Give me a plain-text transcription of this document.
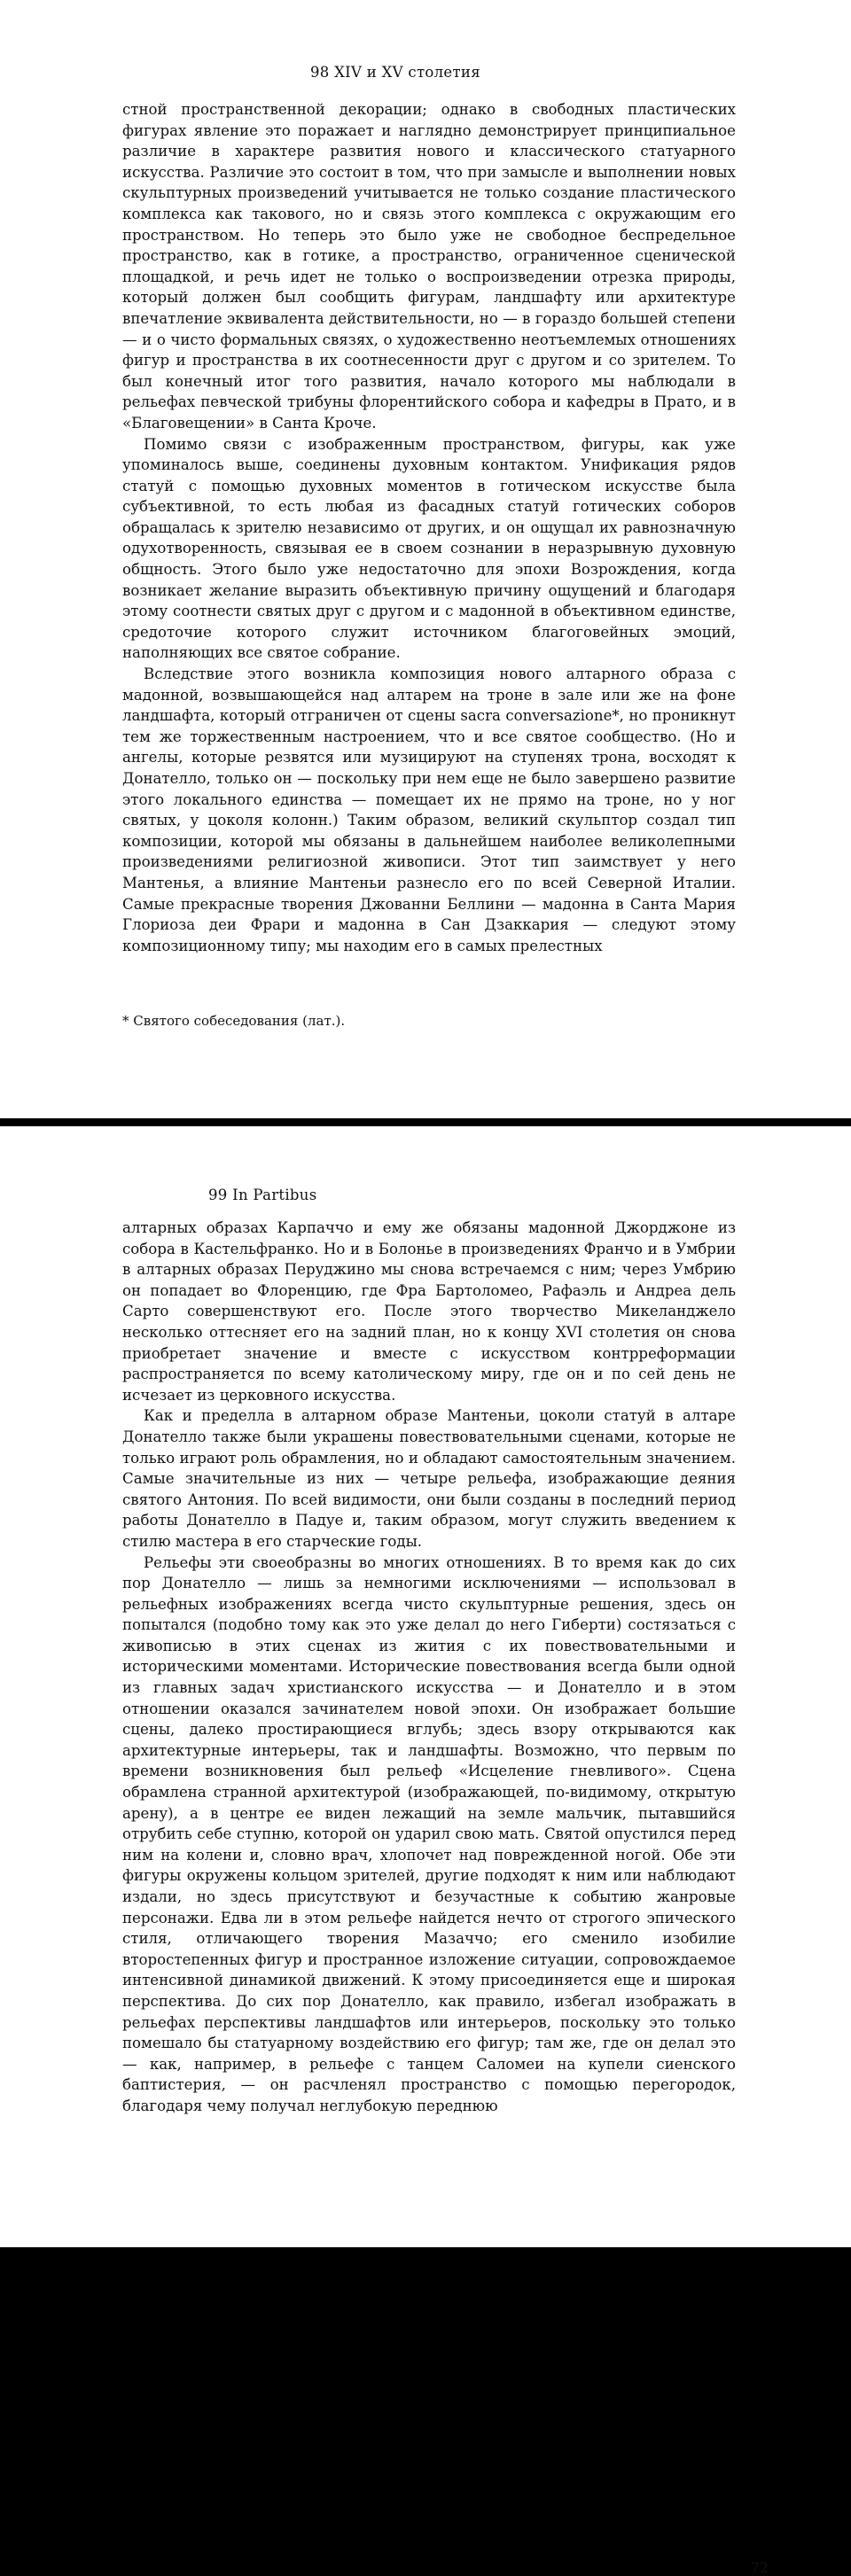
98 XIV и XV столетия

стной пространственной декорации; однако в свободных пластических фигурах явление это поражает и наглядно демонстрирует принципиальное различие в характере развития нового и классического статуарного искусства. Различие это состоит в том, что при замысле и выполнении новых скульптурных произведений учитывается не только создание пластического комплекса как такового, но и связь этого комплекса с окружающим его пространством. Но теперь это было уже не свободное беспредельное пространство, как в готике, а пространство, ограниченное сценической площадкой, и речь идет не только о воспроизведении отрезка природы, который должен был сообщить фигурам, ландшафту или архитектуре впечатление эквивалента действительности, но — в гораздо большей степени — и о чисто формальных связях, о художественно неотъемлемых отношениях фигур и пространства в их соотнесенности друг с другом и со зрителем. То был конечный итог того развития, начало которого мы наблюдали в рельефах певческой трибуны флорентийского собора и кафедры в Прато, и в «Благовещении» в Санта Кроче.

Помимо связи с изображенным пространством, фигуры, как уже упоминалось выше, соединены духовным контактом. Унификация рядов статуй с помощью духовных моментов в готическом искусстве была субъективной, то есть любая из фасадных статуй готических соборов обращалась к зрителю независимо от других, и он ощущал их равнозначную одухотворенность, связывая ее в своем сознании в неразрывную духовную общность. Этого было уже недостаточно для эпохи Возрождения, когда возникает желание выразить объективную причину ощущений и благодаря этому соотнести святых друг с другом и с мадонной в объективном единстве, средоточие которого служит источником благоговейных эмоций, наполняющих все святое собрание.

Вследствие этого возникла композиция нового алтарного образа с мадонной, возвышающейся над алтарем на троне в зале или же на фоне ландшафта, который отграничен от сцены sacra conversazione*, но проникнут тем же торжественным настроением, что и все святое сообщество. (Но и ангелы, которые резвятся или музицируют на ступенях трона, восходят к Донателло, только он — поскольку при нем еще не было завершено развитие этого локального единства — помещает их не прямо на троне, но у ног святых, у цоколя колонн.) Таким образом, великий скульптор создал тип композиции, которой мы обязаны в дальнейшем наиболее великолепными произведениями религиозной живописи. Этот тип заимствует у него Мантенья, а влияние Мантеньи разнесло его по всей Северной Италии. Самые прекрасные творения Джованни Беллини — мадонна в Санта Мария Глориоза деи Фрари и мадонна в Сан Дзаккария — следуют этому композиционному типу; мы находим его в самых прелестных

* Святого собеседования (лат.).
99 In Partibus

алтарных образах Карпаччо и ему же обязаны мадонной Джорджоне из собора в Кастельфранко. Но и в Болонье в произведениях Франчо и в Умбрии в алтарных образах Перуджино мы снова встречаемся с ним; через Умбрию он попадает во Флоренцию, где Фра Бартоломео, Рафаэль и Андреа дель Сарто совершенствуют его. После этого творчество Микеланджело несколько оттесняет его на задний план, но к концу XVI столетия он снова приобретает значение и вместе с искусством контрреформации распространяется по всему католическому миру, где он и по сей день не исчезает из церковного искусства.

Как и пределла в алтарном образе Мантеньи, цоколи статуй в алтаре Донателло также были украшены повествовательными сценами, которые не только играют роль обрамления, но и обладают самостоятельным значением. Самые значительные из них — четыре рельефа, изображающие деяния святого Антония. По всей видимости, они были созданы в последний период работы Донателло в Падуе и, таким образом, могут служить введением к стилю мастера в его старческие годы.

Рельефы эти своеобразны во многих отношениях. В то время как до сих пор Донателло — лишь за немногими исключениями — использовал в рельефных изображениях всегда чисто скульптурные решения, здесь он попытался (подобно тому как это уже делал до него Гиберти) состязаться с живописью в этих сценах из жития с их повествовательными и историческими моментами. Исторические повествования всегда были одной из главных задач христианского искусства — и Донателло и в этом отношении оказался зачинателем новой эпохи. Он изображает большие сцены, далеко простирающиеся вглубь; здесь взору открываются как архитектурные интерьеры, так и ландшафты. Возможно, что первым по времени возникновения был рельеф «Исцеление гневливого». Сцена обрамлена странной архитектурой (изображающей, по-видимому, открытую арену), а в центре ее виден лежащий на земле мальчик, пытавшийся отрубить себе ступню, которой он ударил свою мать. Святой опустился перед ним на колени и, словно врач, хлопочет над поврежденной ногой. Обе эти фигуры окружены кольцом зрителей, другие подходят к ним или наблюдают издали, но здесь присутствуют и безучастные к событию жанровые персонажи. Едва ли в этом рельефе найдется нечто от строгого эпического стиля, отличающего творения Мазаччо; его сменило изобилие второстепенных фигур и пространное изложение ситуации, сопровождаемое интенсивной динамикой движений. К этому присоединяется еще и широкая перспектива. До сих пор Донателло, как правило, избегал изображать в рельефах перспективы ландшафтов или интерьеров, поскольку это только помешало бы статуарному воздействию его фигур; там же, где он делал это — как, например, в рельефе с танцем Саломеи на купели сиенского баптистерия, — он расчленял пространство с помощью перегородок, благодаря чему получал неглубокую переднюю

72
